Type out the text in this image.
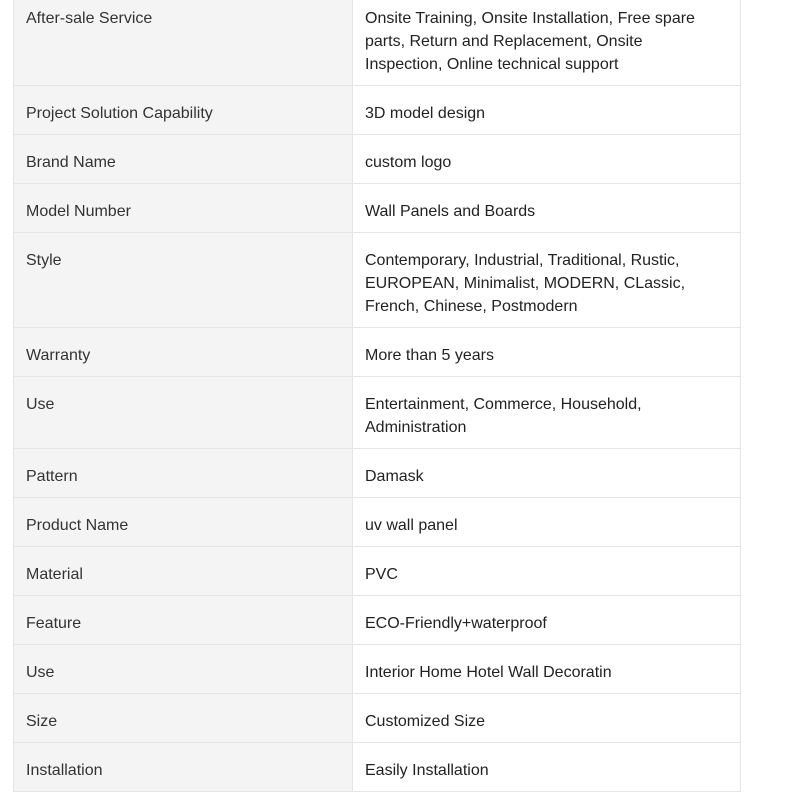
After-sale Service	Onsite Training, Onsite Installation, Free spare parts, Return and Replacement, Onsite Inspection, Online technical support
Project Solution Capability	3D model design
Brand Name	custom logo
Model Number	Wall Panels and Boards
Style	Contemporary, Industrial, Traditional, Rustic, EUROPEAN, Minimalist, MODERN, CLassic, French, Chinese, Postmodern
Warranty	More than 5 years
Use	Entertainment, Commerce, Household, Administration
Pattern	Damask
Product Name	uv wall panel
Material	PVC
Feature	ECO-Friendly+waterproof
Use	Interior Home Hotel Wall Decoratin
Size	Customized Size
Installation	Easily Installation
